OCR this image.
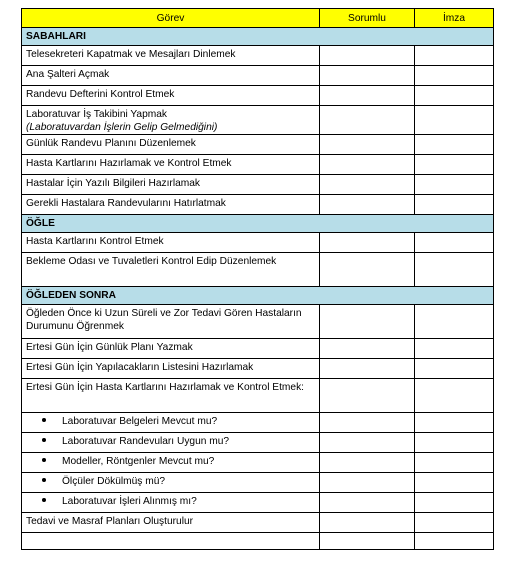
Görev	Sorumlu	İmza
SABAHLARI		
Telesekreteri Kapatmak ve Mesajları Dinlemek		
Ana Şalteri Açmak		
Randevu Defterini Kontrol Etmek		
Laboratuvar İş Takibini Yapmak
(Laboratuvardan İşlerin Gelip Gelmediğini)		

Günlük Randevu Planını Düzenlemek		
Hasta Kartlarını Hazırlamak ve Kontrol Etmek		
Hastalar İçin Yazılı Bilgileri Hazırlamak		
Gerekli Hastalara Randevularını Hatırlatmak		
ÖĞLE		
Hasta Kartlarını Kontrol Etmek		
Bekleme Odası ve Tuvaletleri Kontrol Edip Düzenlemek		
ÖĞLEDEN SONRA		
Öğleden Önce ki Uzun Süreli ve Zor Tedavi Gören Hastaların Durumunu Öğrenmek		
Ertesi Gün İçin Günlük Planı Yazmak		
Ertesi Gün İçin Yapılacakların Listesini Hazırlamak		
Ertesi Gün İçin Hasta Kartlarını Hazırlamak ve Kontrol Etmek:		
Laboratuvar Belgeleri Mevcut mu?		
Laboratuvar Randevuları Uygun mu?		
Modeller, Röntgenler Mevcut mu?		
Ölçüler Dökülmüş mü?		
Laboratuvar İşleri Alınmış mı?		
Tedavi ve Masraf Planları Oluşturulur		
